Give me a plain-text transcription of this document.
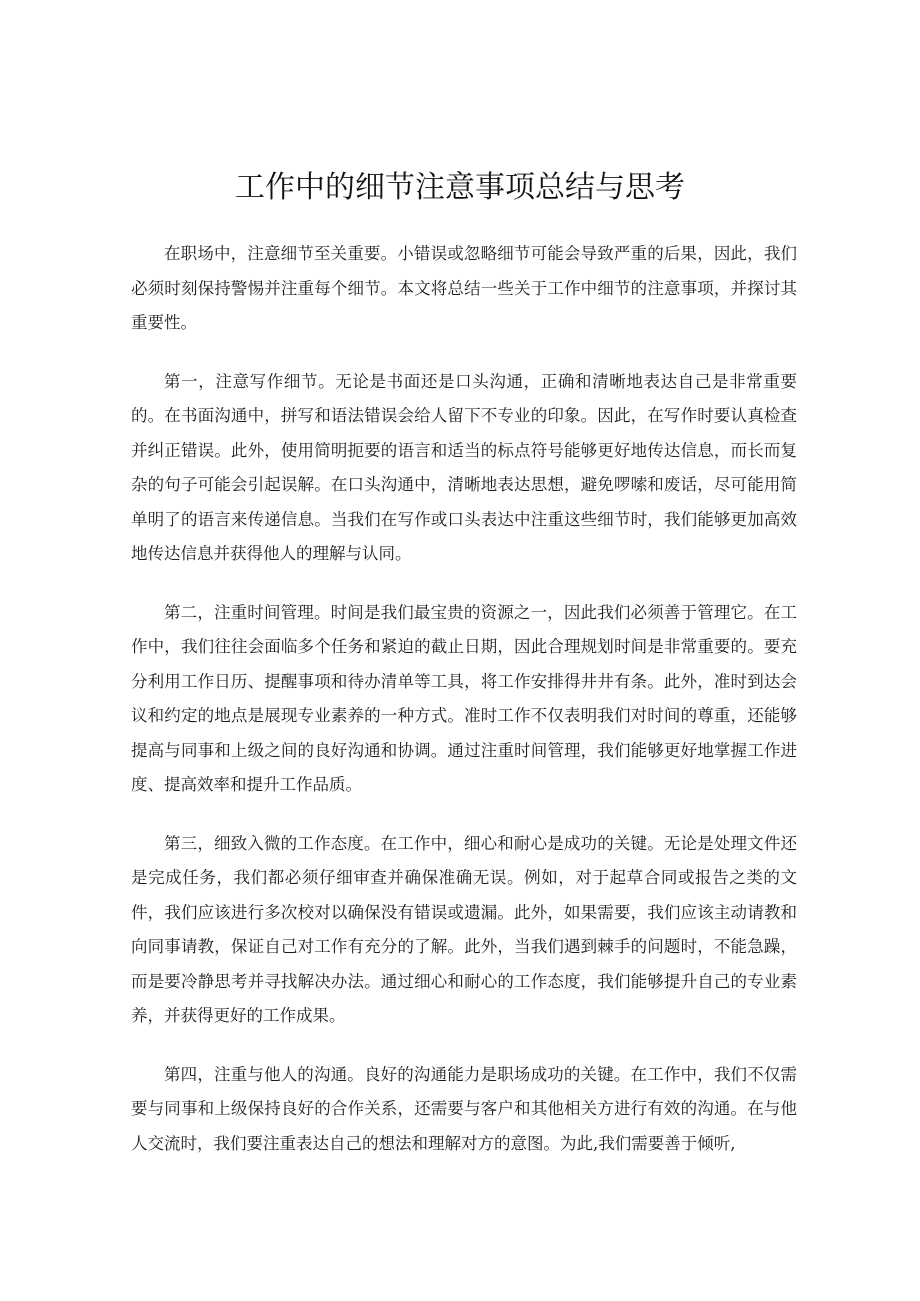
工作中的细节注意事项总结与思考

在职场中，注意细节至关重要。小错误或忽略细节可能会导致严重的后果，因此，我们必须时刻保持警惕并注重每个细节。本文将总结一些关于工作中细节的注意事项，并探讨其重要性。

第一，注意写作细节。无论是书面还是口头沟通，正确和清晰地表达自己是非常重要的。在书面沟通中，拼写和语法错误会给人留下不专业的印象。因此，在写作时要认真检查并纠正错误。此外，使用简明扼要的语言和适当的标点符号能够更好地传达信息，而长而复杂的句子可能会引起误解。在口头沟通中，清晰地表达思想，避免啰嗦和废话，尽可能用简单明了的语言来传递信息。当我们在写作或口头表达中注重这些细节时，我们能够更加高效地传达信息并获得他人的理解与认同。

第二，注重时间管理。时间是我们最宝贵的资源之一，因此我们必须善于管理它。在工作中，我们往往会面临多个任务和紧迫的截止日期，因此合理规划时间是非常重要的。要充分利用工作日历、提醒事项和待办清单等工具，将工作安排得井井有条。此外，准时到达会议和约定的地点是展现专业素养的一种方式。准时工作不仅表明我们对时间的尊重，还能够提高与同事和上级之间的良好沟通和协调。通过注重时间管理，我们能够更好地掌握工作进度、提高效率和提升工作品质。

第三，细致入微的工作态度。在工作中，细心和耐心是成功的关键。无论是处理文件还是完成任务，我们都必须仔细审查并确保准确无误。例如，对于起草合同或报告之类的文件，我们应该进行多次校对以确保没有错误或遗漏。此外，如果需要，我们应该主动请教和向同事请教，保证自己对工作有充分的了解。此外，当我们遇到棘手的问题时，不能急躁，而是要冷静思考并寻找解决办法。通过细心和耐心的工作态度，我们能够提升自己的专业素养，并获得更好的工作成果。

第四，注重与他人的沟通。良好的沟通能力是职场成功的关键。在工作中，我们不仅需要与同事和上级保持良好的合作关系，还需要与客户和其他相关方进行有效的沟通。在与他人交流时，我们要注重表达自己的想法和理解对方的意图。为此,我们需要善于倾听,
